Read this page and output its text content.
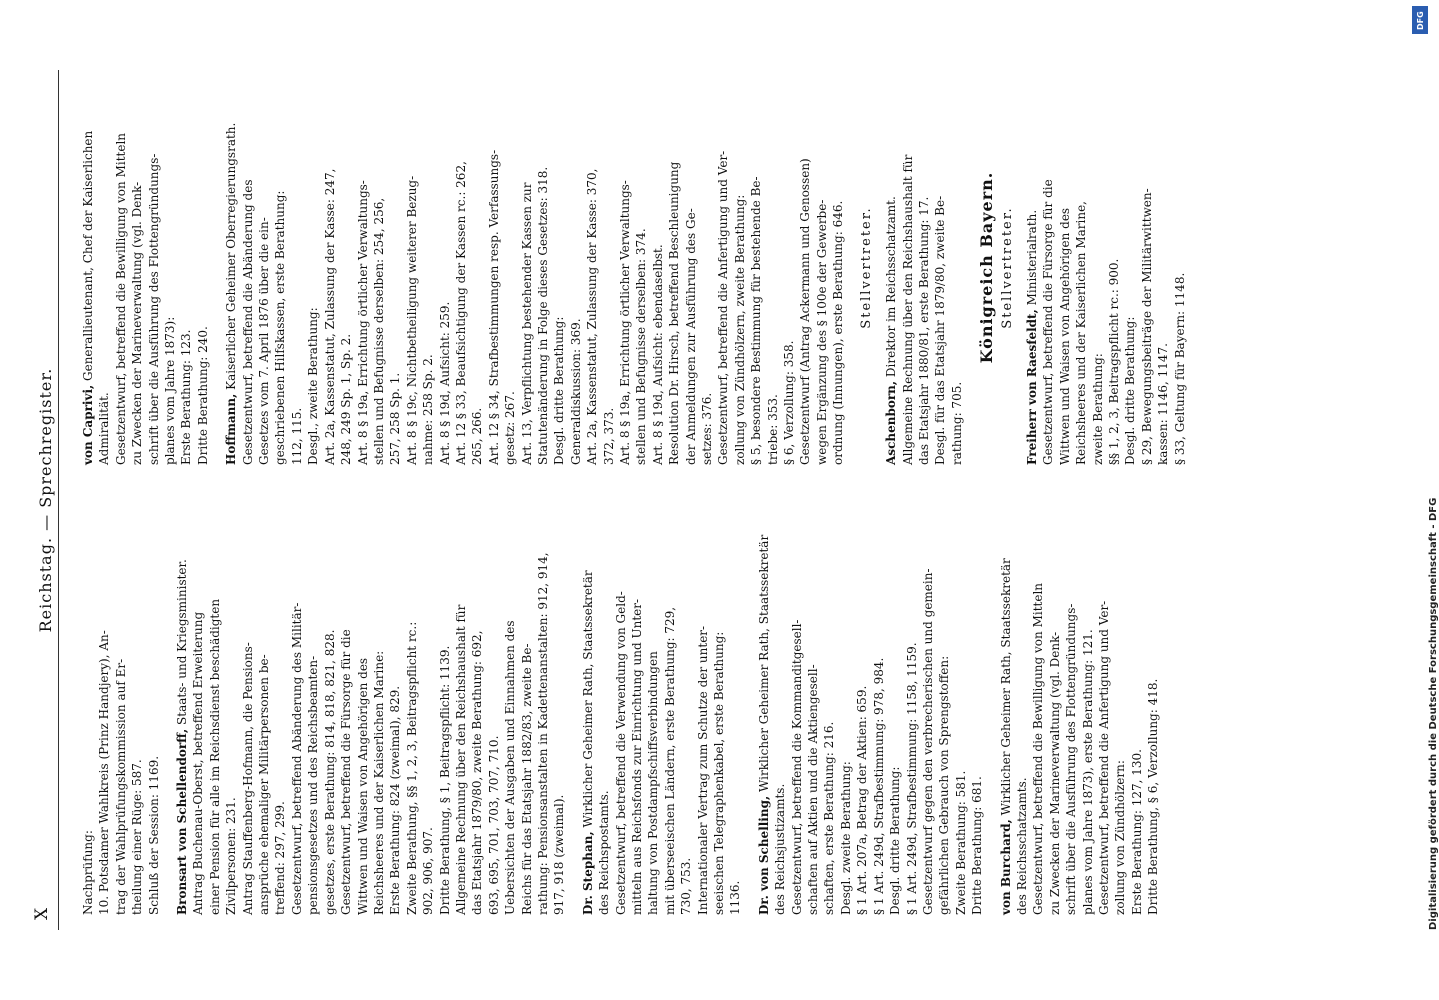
X
Reichstag. — Sprechregister.

Nachprüfung: 10. Potsdamer Wahlkreis (Prinz Handjery), An- trag der Wahlprüfungskommission auf Er- theilung einer Rüge: 587. Schluß der Session: 1169. Bronsart von Schellendorff, Staats- und Kriegsminister. Antrag Buchenau-Oberst, betreffend Erweiterung einer Pension für alle im Reichsdienst beschädigten Zivilpersonen: 231. Antrag Stauffenberg-Hofmann, die Pensions- ansprüche ehemaliger Militärpersonen be- treffend: 297, 299. Gesetzentwurf, betreffend Abänderung des Militär- pensionsgesetzes und des Reichsbeamten- gesetzes, erste Berathung: 814, 818, 821, 828. Gesetzentwurf, betreffend die Fürsorge für die Wittwen und Waisen von Angehörigen des Reichsheeres und der Kaiserlichen Marine: Erste Berathung: 824 (zweimal), 829. Zweite Berathung, §§ 1, 2, 3, Beitragspflicht rc.: 902, 906, 907. Dritte Berathung, § 1, Beitragspflicht: 1139. Allgemeine Rechnung über den Reichshaushalt für das Etatsjahr 1879/80, zweite Berathung: 692, 693, 695, 701, 703, 707, 710. Uebersichten der Ausgaben und Einnahmen des Reichs für das Etatsjahr 1882/83, zweite Be- rathung: Pensionsanstalten in Kadettenanstalten: 912, 914, 917, 918 (zweimal). Dr. Stephan, Wirklicher Geheimer Rath, Staatssekretär

des Reichspostamts. Gesetzentwurf, betreffend die Verwendung von Geld- mitteln aus Reichsfonds zur Einrichtung und Unter- haltung von Postdampfschiffsverbindungen mit überseeischen Ländern, erste Berathung: 729, 730, 753. Internationaler Vertrag zum Schutze der unter- seeischen Telegraphenkabel, erste Berathung: 1136. Dr. von Schelling, Wirklicher Geheimer Rath, Staatssekretär

des Reichsjustizamts. Gesetzentwurf, betreffend die Kommanditgesell- schaften auf Aktien und die Aktiengesell- schaften, erste Berathung: 216. Desgl. zweite Berathung: § 1 Art. 207a, Betrag der Aktien: 659. § 1 Art. 249d, Strafbestimmung: 978, 984. Desgl. dritte Berathung: § 1 Art. 249d, Strafbestimmung: 1158, 1159. Gesetzentwurf gegen den verbrecherischen und gemein- gefährlichen Gebrauch von Sprengstoffen: Zweite Berathung: 581. Dritte Berathung: 681. von Burchard, Wirklicher Geheimer Rath, Staatssekretär

des Reichsschatzamts. Gesetzentwurf, betreffend die Bewilligung von Mitteln zu Zwecken der Marineverwaltung (vgl. Denk- schrift über die Ausführung des Flottengründungs- planes vom Jahre 1873), erste Berathung: 121. Gesetzentwurf, betreffend die Anfertigung und Ver- zollung von Zündhölzern: Erste Berathung: 127, 130. Dritte Berathung, § 6, Verzollung: 418.

von Caprivi, Generallieutenant, Chef der Kaiserlichen

Admiralität. Gesetzentwurf, betreffend die Bewilligung von Mitteln zu Zwecken der Marineverwaltung (vgl. Denk- schrift über die Ausführung des Flottengründungs- planes vom Jahre 1873): Erste Berathung: 123. Dritte Berathung: 240. Hoffmann, Kaiserlicher Geheimer Oberregierungsrath. Gesetzentwurf, betreffend die Abänderung des Gesetzes vom 7. April 1876 über die ein- geschriebenen Hilfskassen, erste Berathung: 112, 115. Desgl., zweite Berathung: Art. 2a, Kassenstatut, Zulassung der Kasse: 247, 248, 249 Sp. 1, Sp. 2. Art. 8 § 19a, Errichtung örtlicher Verwaltungs- stellen und Befugnisse derselben: 254, 256, 257, 258 Sp. 1. Art. 8 § 19c, Nichtbetheiligung weiterer Bezug- nahme: 258 Sp. 2. Art. 8 § 19d, Aufsicht: 259. Art. 12 § 33, Beaufsichtigung der Kassen rc.: 262, 265, 266. Art. 12 § 34, Strafbestimmungen resp. Verfassungs- gesetz: 267. Art. 13, Verpflichtung bestehender Kassen zur Statutenänderung in Folge dieses Gesetzes: 318. Desgl. dritte Berathung: Generaldiskussion: 369. Art. 2a, Kassenstatut, Zulassung der Kasse: 370, 372, 373. Art. 8 § 19a, Errichtung örtlicher Verwaltungs- stellen und Befugnisse derselben: 374. Art. 8 § 19d, Aufsicht: ebendaselbst. Resolution Dr. Hirsch, betreffend Beschleunigung der Anmeldungen zur Ausführung des Ge- setzes: 376. Gesetzentwurf, betreffend die Anfertigung und Ver- zollung von Zündhölzern, zweite Berathung: § 5, besondere Bestimmung für bestehende Be- triebe: 353. § 6, Verzollung: 358. Gesetzentwurf (Antrag Ackermann und Genossen) wegen Ergänzung des § 100e der Gewerbe- ordnung (Innungen), erste Berathung: 646. Stellvertreter.

Aschenborn, Direktor im Reichsschatzamt. Allgemeine Rechnung über den Reichshaushalt für das Etatsjahr 1880/81, erste Berathung: 17. Desgl. für das Etatsjahr 1879/80, zweite Be- rathung: 705.

Königreich Bayern. Stellvertreter.

Freiherr von Raesfeldt, Ministerialrath. Gesetzentwurf, betreffend die Fürsorge für die Wittwen und Waisen von Angehörigen des Reichsheeres und der Kaiserlichen Marine, zweite Berathung: §§ 1, 2, 3, Beitragspflicht rc.: 900. Desgl. dritte Berathung: § 29, Bewegungsbeiträge der Militärwittwen- kassen: 1146, 1147. § 33, Geltung für Bayern: 1148.

DFG
Digitalisierung gefördert durch die Deutsche Forschungsgemeinschaft - DFG
